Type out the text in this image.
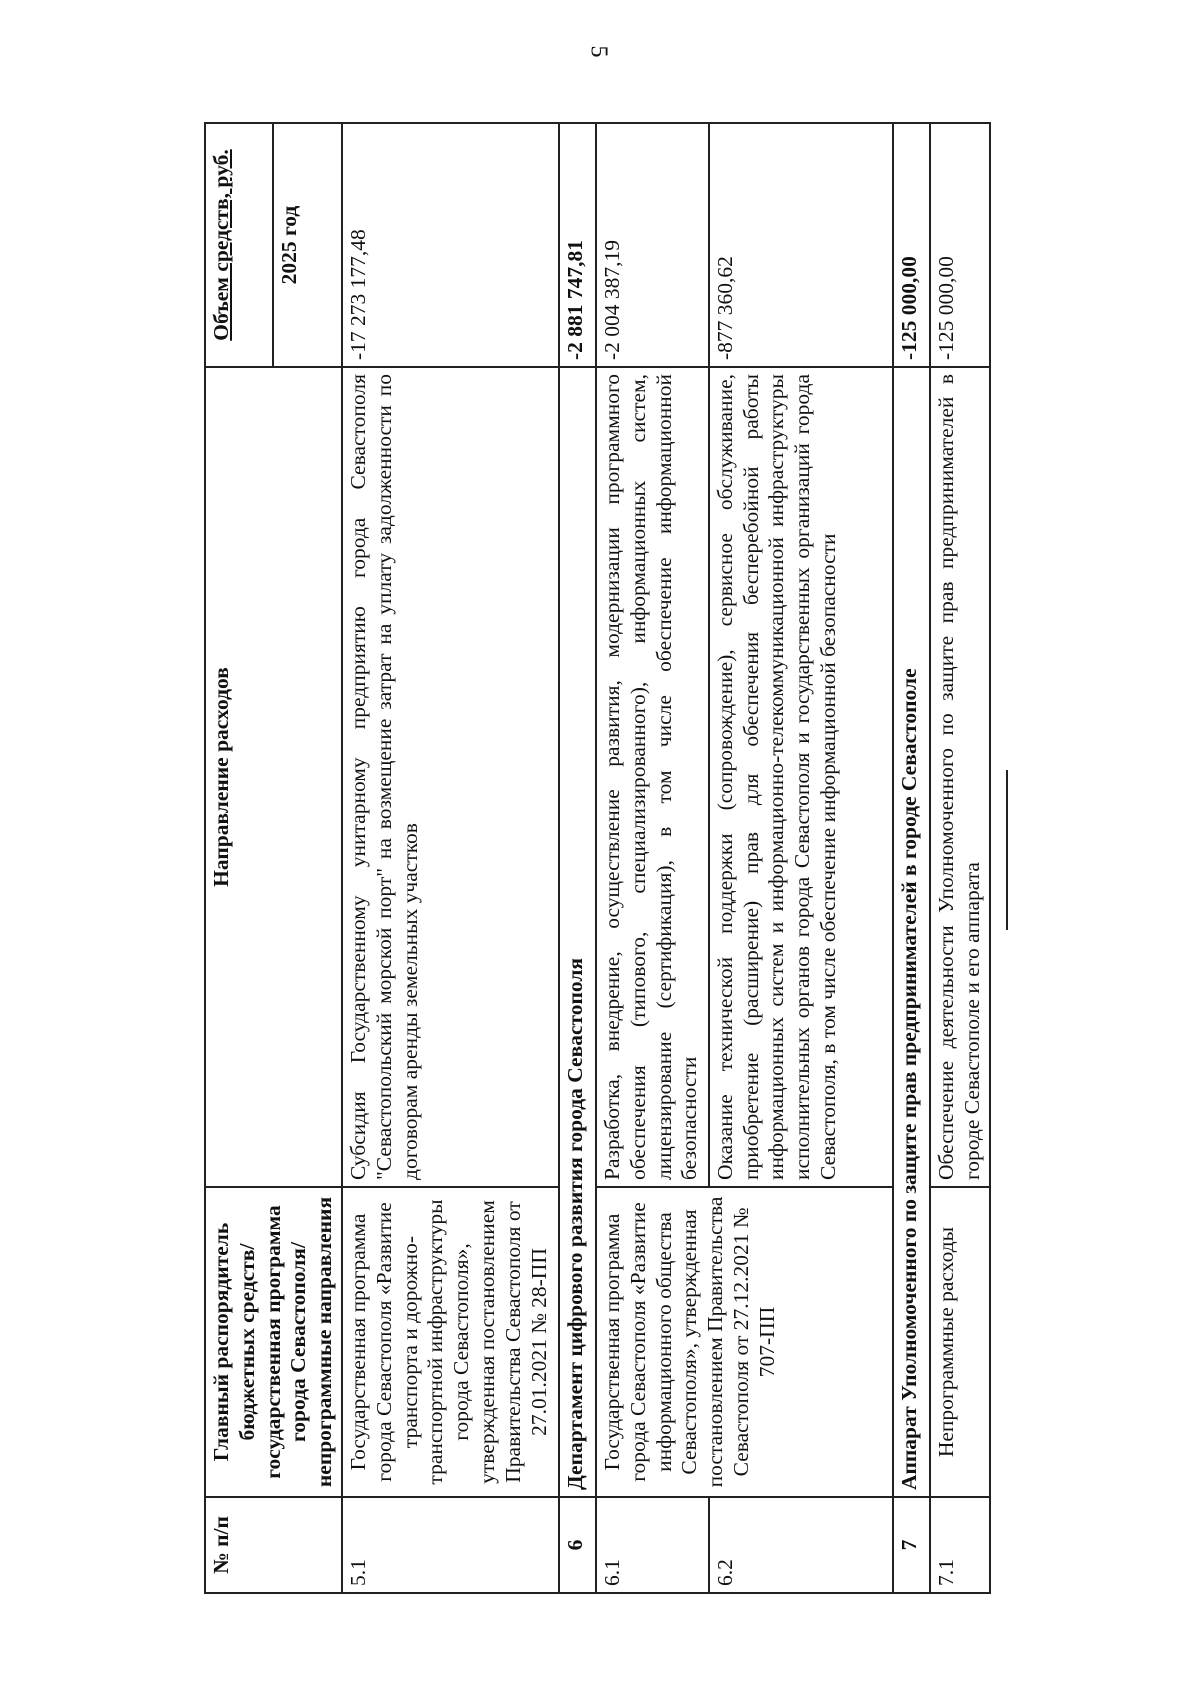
5
№ п/п	Главный распорядитель бюджетных средств/государственная программа города Севастополя/непрограммные направления	Направление расходов	Объем средств, руб.
			2025 год
5.1	Государственная программа города Севастополя «Развитие транспорта и дорожно-транспортной инфраструктуры города Севастополя», утвержденная постановлением Правительства Севастополя от 27.01.2021 № 28-ПП	Субсидия Государственному унитарному предприятию города Севастополя "Севастопольский морской порт" на возмещение затрат на уплату задолженности по договорам аренды земельных участков	-17 273 177,48
6	Департамент цифрового развития города Севастополя		-2 881 747,81
6.1	Государственная программа города Севастополя «Развитие информационного общества Севастополя», утвержденная постановлением Правительства Севастополя от 27.12.2021 № 707-ПП	Разработка, внедрение, осуществление развития, модернизации программного обеспечения (типового, специализированного), информационных систем, лицензирование (сертификация), в том числе обеспечение информационной безопасности	-2 004 387,19
6.2		Оказание технической поддержки (сопровождение), сервисное обслуживание, приобретение (расширение) прав для обеспечения бесперебойной работы информационных систем и информационно-телекоммуникационной инфраструктуры исполнительных органов города Севастополя и государственных организаций города Севастополя, в том числе обеспечение информационной безопасности	-877 360,62
7	Аппарат Уполномоченного по защите прав предпринимателей в городе Севастополе		-125 000,00
7.1	Непрограммные расходы	Обеспечение деятельности Уполномоченного по защите прав предпринимателей в городе Севастополе и его аппарата	-125 000,00
